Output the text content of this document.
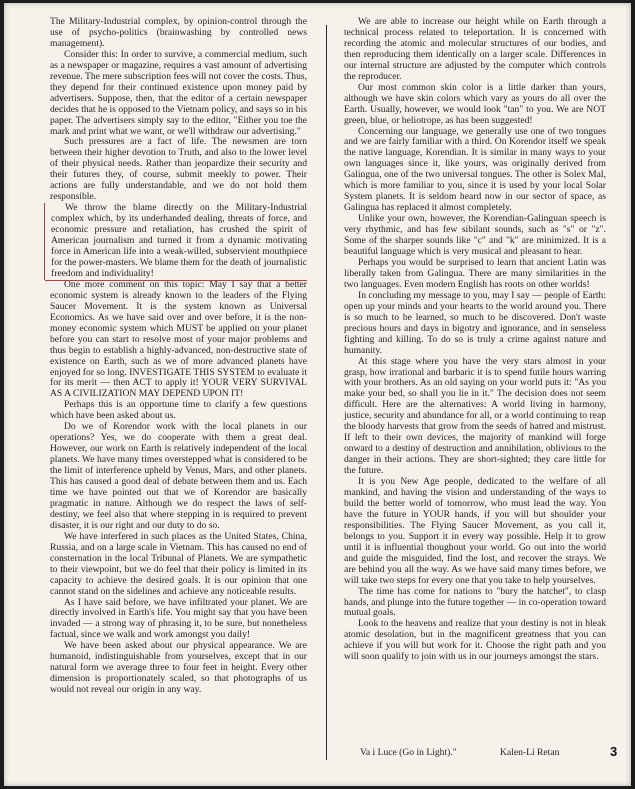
The Military-Industrial complex, by opinion-control through the use of psycho-politics (brainwashing by controlled news management).

Consider this: In order to survive, a commercial medium, such as a newspaper or magazine, requires a vast amount of advertising revenue. The mere subscription fees will not cover the costs. Thus, they depend for their continued existence upon money paid by advertisers. Suppose, then, that the editor of a certain newspaper decides that he is opposed to the Vietnam policy, and says so in his paper. The advertisers simply say to the editor, "Either you toe the mark and print what we want, or we'll withdraw our advertising."

Such pressures are a fact of life. The newsmen are torn between their higher devotion to Truth, and also to the lower level of their physical needs. Rather than jeopardize their security and their futures they, of course, submit meekly to power. Their actions are fully understandable, and we do not hold them responsible.

We throw the blame directly on the Military-Industrial complex which, by its underhanded dealing, threats of force, and economic pressure and retaliation, has crushed the spirit of American journalism and turned it from a dynamic motivating force in American life into a weak-willed, subservient mouthpiece for the power-masters. We blame them for the death of journalistic freedom and individuality!

One more comment on this topic: May I say that a better economic system is already known to the leaders of the Flying Saucer Movement. It is the system known as Universal Economics. As we have said over and over before, it is the non-money economic system which MUST be applied on your planet before you can start to resolve most of your major problems and thus begin to establish a highly-advanced, non-destructive state of existence on Earth, such as we of more advanced planets have enjoyed for so long. INVESTIGATE THIS SYSTEM to evaluate it for its merit — then ACT to apply it! YOUR VERY SURVIVAL AS A CIVILIZATION MAY DEPEND UPON IT!

Perhaps this is an opportune time to clarify a few questions which have been asked about us.

Do we of Korendor work with the local planets in our operations? Yes, we do cooperate with them a great deal. However, our work on Earth is relatively independent of the local planets. We have many times overstepped what is considered to be the limit of interference upheld by Venus, Mars, and other planets. This has caused a good deal of debate between them and us. Each time we have pointed out that we of Korendor are basically pragmatic in nature. Although we do respect the laws of self-destiny, we feel also that where stepping in is required to prevent disaster, it is our right and our duty to do so.

We have interfered in such places as the United States, China, Russia, and on a large scale in Vietnam. This has caused no end of consternation in the local Tribunal of Planets. We are sympathetic to their viewpoint, but we do feel that their policy is limited in its capacity to achieve the desired goals. It is our opinion that one cannot stand on the sidelines and achieve any noticeable results.

As I have said before, we have infiltrated your planet. We are directly involved in Earth's life. You might say that you have been invaded — a strong way of phrasing it, to be sure, but nonetheless factual, since we walk and work amongst you daily!

We have been asked about our physical appearance. We are humanoid, indistinguishable from yourselves, except that in our natural form we average three to four feet in height. Every other dimension is proportionately scaled, so that photographs of us would not reveal our origin in any way.

We are able to increase our height while on Earth through a technical process related to teleportation. It is concerned with recording the atomic and molecular structures of our bodies, and then reproducing them identically on a larger scale. Differences in our internal structure are adjusted by the computer which controls the reproducer.

Our most common skin color is a little darker than yours, although we have skin colors which vary as yours do all over the Earth. Usually, however, we would look "tan" to you. We are NOT green, blue, or heliotrope, as has been suggested!

Concerning our language, we generally use one of two tongues and we are fairly familiar with a third. On Korendor itself we speak the native language, Korendian. It is similar in many ways to your own languages since it, like yours, was originally derived from Galingua, one of the two universal tongues. The other is Solex Mal, which is more familiar to you, since it is used by your local Solar System planets. It is seldom heard now in our sector of space, as Galingua has replaced it almost completely.

Unlike your own, however, the Korendian-Galinguan speech is very rhythmic, and has few sibilant sounds, such as "s" or "z". Some of the sharper sounds like "c" and "k" are minimized. It is a beautiful language which is very musical and pleasant to hear.

Perhaps you would be surprised to learn that ancient Latin was liberally taken from Galingua. There are many similarities in the two languages. Even modern English has roots on other worlds!

In concluding my message to you, may I say — people of Earth: open up your minds and your hearts to the world around you. There is so much to be learned, so much to be discovered. Don't waste precious hours and days in bigotry and ignorance, and in senseless fighting and killing. To do so is truly a crime against nature and humanity.

At this stage where you have the very stars almost in your grasp, how irrational and barbaric it is to spend futile hours warring with your brothers. As an old saying on your world puts it: "As you make your bed, so shall you lie in it." The decision does not seem difficult. Here are the alternatives: A world living in harmony, justice, security and abundance for all, or a world continuing to reap the bloody harvests that grow from the seeds of hatred and mistrust. If left to their own devices, the majority of mankind will forge onward to a destiny of destruction and annihilation, oblivious to the danger in their actions. They are short-sighted; they care little for the future.

It is you New Age people, dedicated to the welfare of all mankind, and having the vision and understanding of the ways to build the better world of tomorrow, who must lead the way. You have the future in YOUR hands, if you will but shoulder your responsibilities. The Flying Saucer Movement, as you call it, belongs to you. Support it in every way possible. Help it to grow until it is influential thoughout your world. Go out into the world and guide the misguided, find the lost, and recover the strays. We are behind you all the way. As we have said many times before, we will take two steps for every one that you take to help yourselves.

The time has come for nations to "bury the hatchet", to clasp hands, and plunge into the future together — in co-operation toward mutual goals.

Look to the heavens and realize that your destiny is not in bleak atomic desolation, but in the magnificent greatness that you can achieve if you will but work for it. Choose the right path and you will soon qualify to join with us in our journeys amongst the stars.

Va i Luce (Go in Light)."	Kalen-Li Retan	3
